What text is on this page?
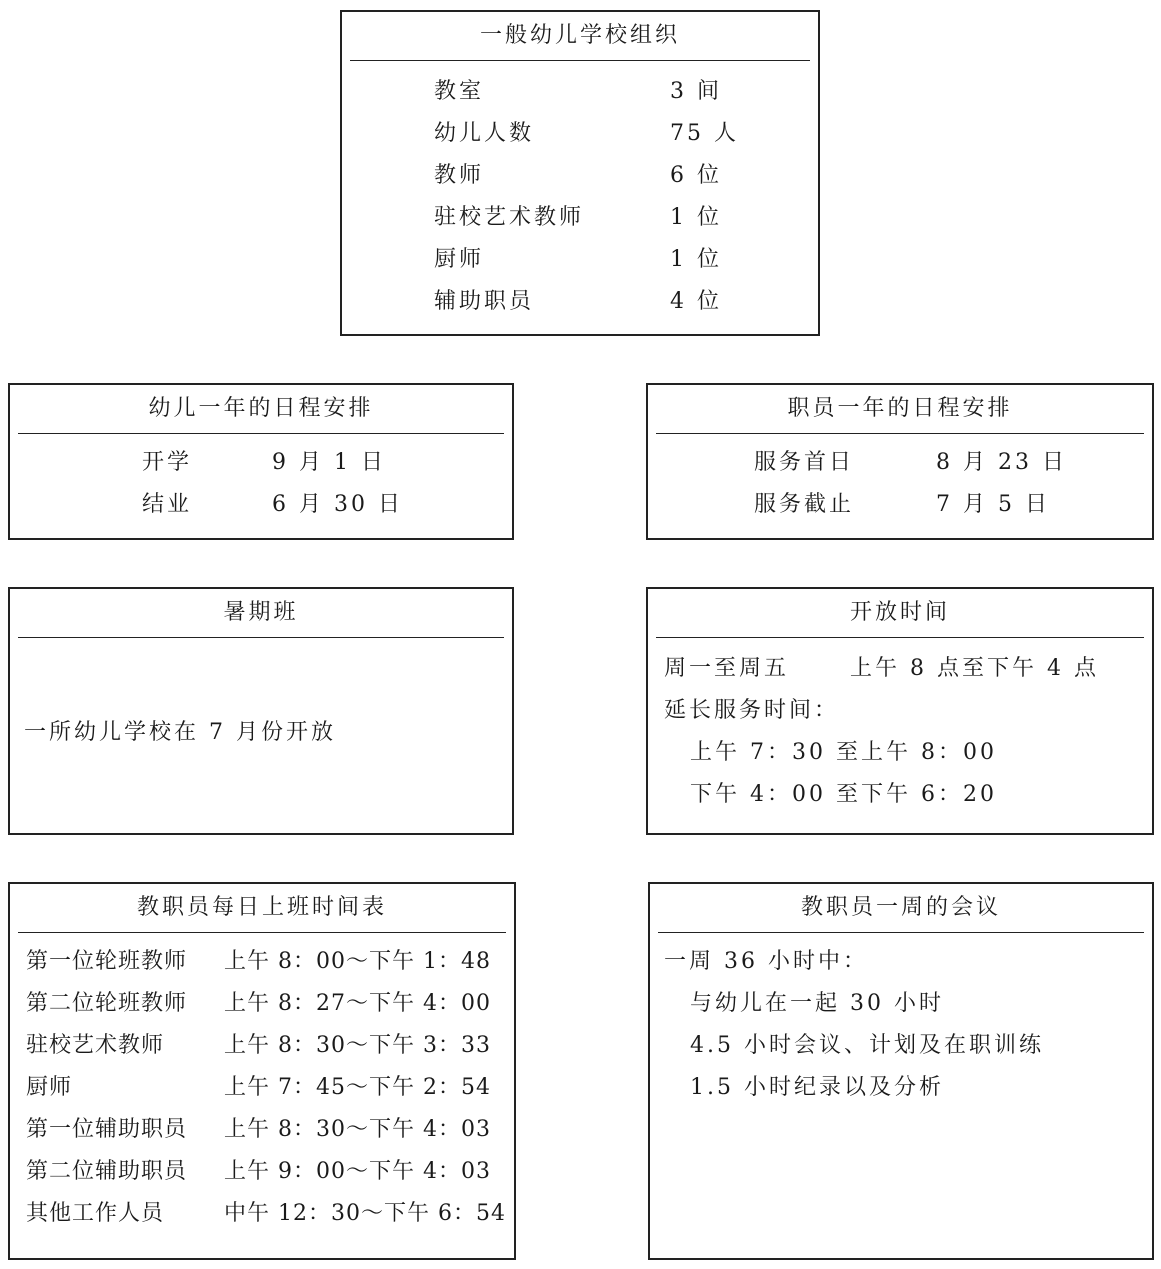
一般幼儿学校组织
教室	3 间
幼儿人数	75 人
教师	6 位
驻校艺术教师	1 位
厨师	1 位
辅助职员	4 位
幼儿一年的日程安排
开学	9 月 1 日
结业	6 月 30 日
职员一年的日程安排
服务首日	8 月 23 日
服务截止	7 月 5 日
暑期班
一所幼儿学校在 7 月份开放
开放时间
周一至周五	上午 8 点至下午 4 点
延长服务时间：
上午 7：30 至上午 8：00
下午 4：00 至下午 6：20
教职员每日上班时间表
第一位轮班教师	上午 8：00～下午 1：48
第二位轮班教师	上午 8：27～下午 4：00
驻校艺术教师	上午 8：30～下午 3：33
厨师	上午 7：45～下午 2：54
第一位辅助职员	上午 8：30～下午 4：03
第二位辅助职员	上午 9：00～下午 4：03
其他工作人员	中午 12：30～下午 6：54
教职员一周的会议
一周 36 小时中：
与幼儿在一起 30 小时
4.5 小时会议、计划及在职训练
1.5 小时纪录以及分析
